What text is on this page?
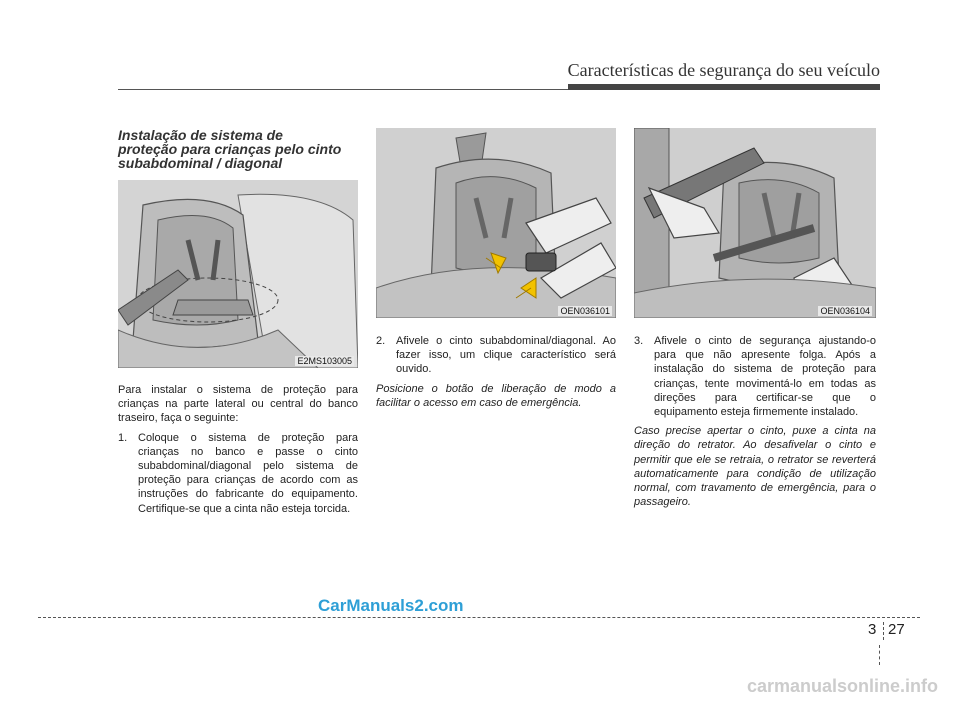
Características de segurança do seu veículo
Instalação de sistema de
proteção para crianças pelo cinto
subabdominal / diagonal
E2MS103005
OEN036101	OEN036104
Para instalar o sistema de proteção para crianças na parte lateral ou central do banco traseiro, faça o seguinte:
1. Coloque o sistema de proteção para crianças no banco e passe o cinto subabdominal/diagonal pelo sistema de proteção para crianças de acordo com as instruções do fabricante do equipamento. Certifique-se que a cinta não esteja torcida.
2. Afivele o cinto subabdominal/diagonal. Ao fazer isso, um clique característico será ouvido.
Posicione o botão de liberação de modo a facilitar o acesso em caso de emergência.
3. Afivele o cinto de segurança ajustando-o para que não apresente folga. Após a instalação do sistema de proteção para crianças, tente movimentá-lo em todas as direções para certificar-se que o equipamento esteja firmemente instalado.
Caso precise apertar o cinto, puxe a cinta na direção do retrator. Ao desafivelar o cinto e permitir que ele se retraia, o retrator se reverterá automaticamente para condição de utilização normal, com travamento de emergência, para o passageiro.
CarManuals2.com
3 27
carmanualsonline.info
